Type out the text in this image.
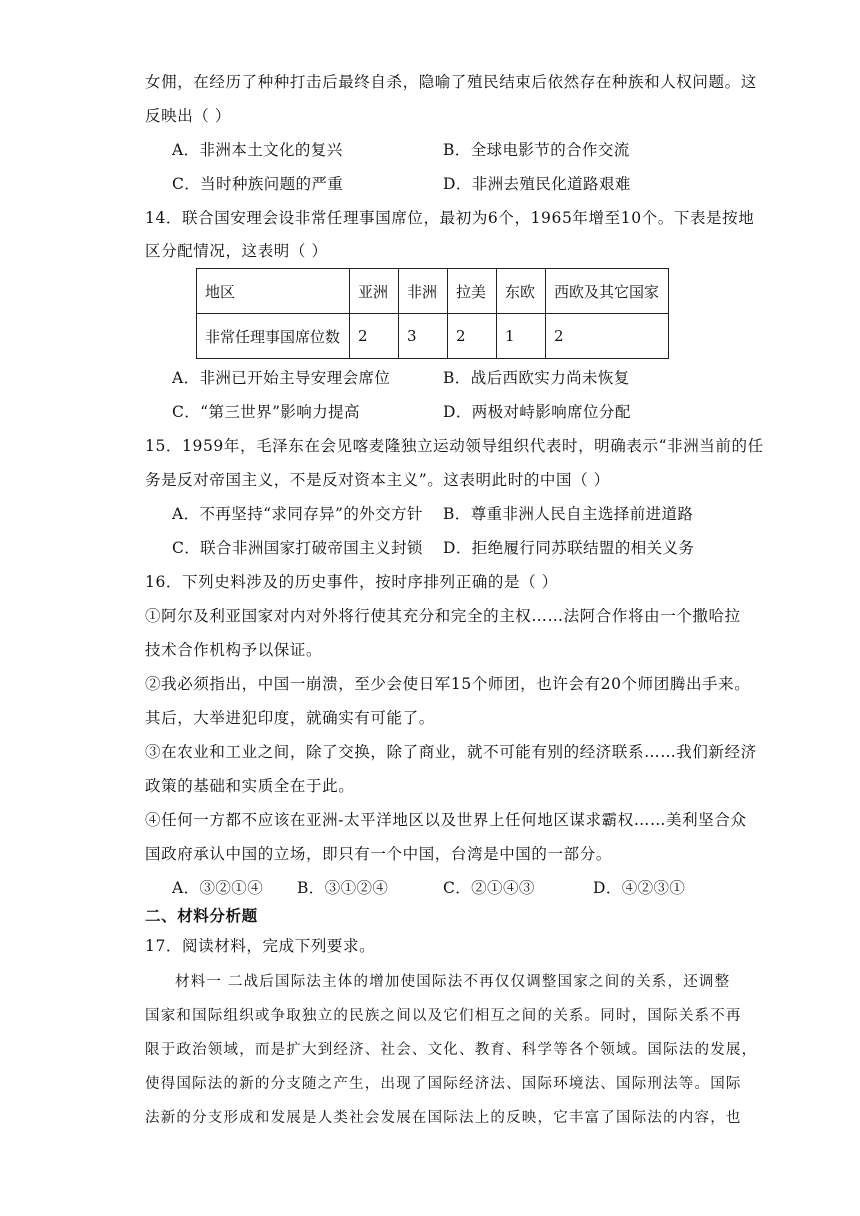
女佣，在经历了种种打击后最终自杀，隐喻了殖民结束后依然存在种族和人权问题。这
反映出（ ）
A．非洲本土文化的复兴	B．全球电影节的合作交流
C．当时种族问题的严重	D．非洲去殖民化道路艰难
14．联合国安理会设非常任理事国席位，最初为6个，1965年增至10个。下表是按地
区分配情况，这表明（ ）
地区	亚洲	非洲	拉美	东欧	西欧及其它国家
非常任理事国席位数	2	3	2	1	2
A．非洲已开始主导安理会席位	B．战后西欧实力尚未恢复
C．“第三世界”影响力提高	D．两极对峙影响席位分配
15．1959年，毛泽东在会见喀麦隆独立运动领导组织代表时，明确表示“非洲当前的任
务是反对帝国主义，不是反对资本主义”。这表明此时的中国（ ）
A．不再坚持“求同存异”的外交方针 B．尊重非洲人民自主选择前进道路
C．联合非洲国家打破帝国主义封锁 D．拒绝履行同苏联结盟的相关义务
16．下列史料涉及的历史事件，按时序排列正确的是（ ）
①阿尔及利亚国家对内对外将行使其充分和完全的主权……法阿合作将由一个撒哈拉
技术合作机构予以保证。
②我必须指出，中国一崩溃，至少会使日军15个师团，也许会有20个师团腾出手来。
其后，大举进犯印度，就确实有可能了。
③在农业和工业之间，除了交换，除了商业，就不可能有别的经济联系……我们新经济
政策的基础和实质全在于此。
④任何一方都不应该在亚洲-太平洋地区以及世界上任何地区谋求霸权……美利坚合众
国政府承认中国的立场，即只有一个中国，台湾是中国的一部分。
A．③②①④ B．③①②④	C．②①④③	D．④②③①
二、材料分析题
17．阅读材料，完成下列要求。
材料一 二战后国际法主体的增加使国际法不再仅仅调整国家之间的关系，还调整
国家和国际组织或争取独立的民族之间以及它们相互之间的关系。同时，国际关系不再
限于政治领域，而是扩大到经济、社会、文化、教育、科学等各个领域。国际法的发展，
使得国际法的新的分支随之产生，出现了国际经济法、国际环境法、国际刑法等。国际
法新的分支形成和发展是人类社会发展在国际法上的反映，它丰富了国际法的内容，也
